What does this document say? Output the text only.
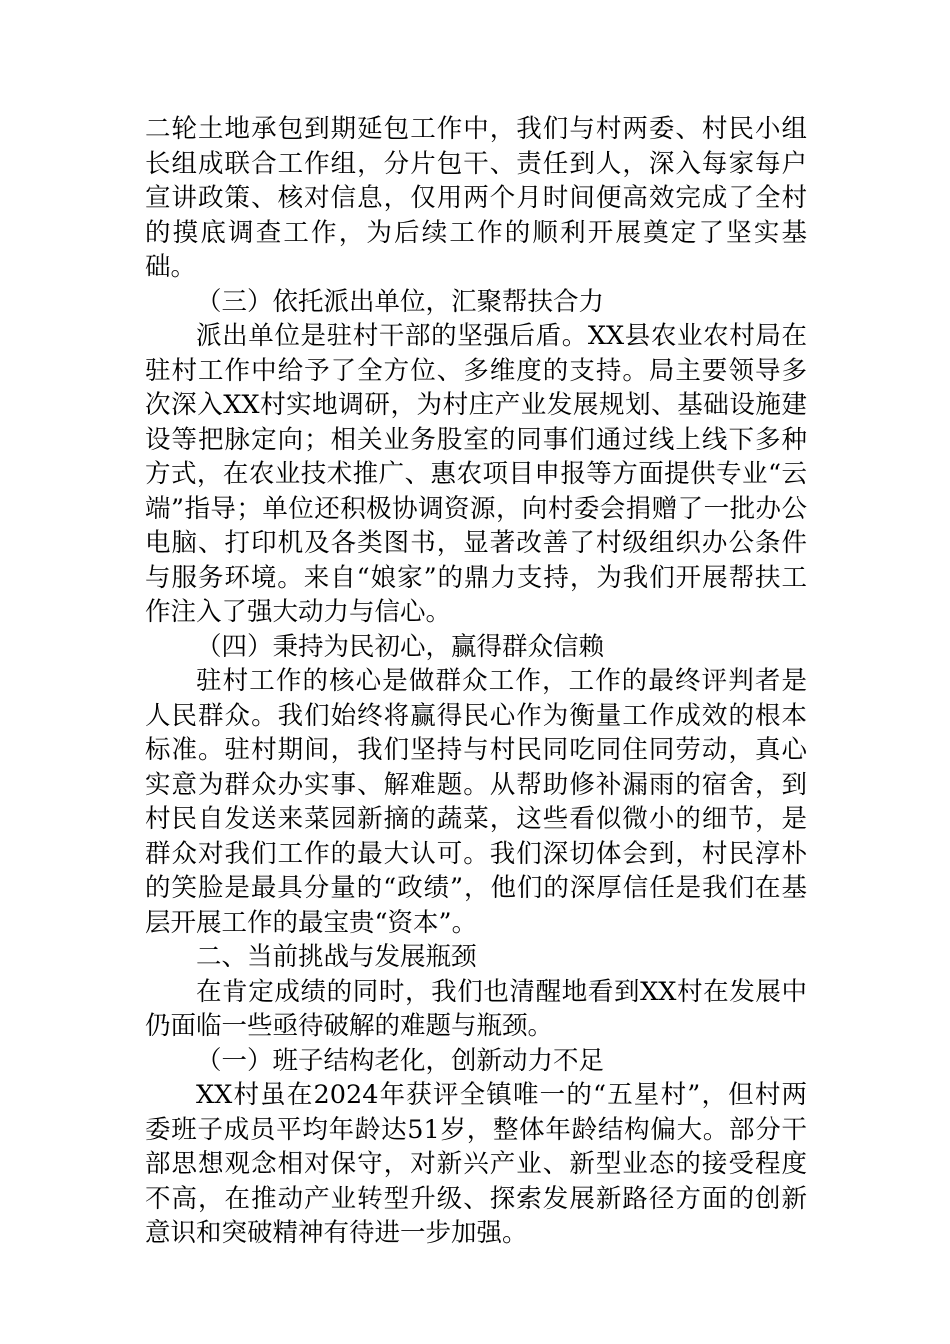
二轮土地承包到期延包工作中，我们与村两委、村民小组长组成联合工作组，分片包干、责任到人，深入每家每户宣讲政策、核对信息，仅用两个月时间便高效完成了全村的摸底调查工作，为后续工作的顺利开展奠定了坚实基础。

（三）依托派出单位，汇聚帮扶合力

派出单位是驻村干部的坚强后盾。XX县农业农村局在驻村工作中给予了全方位、多维度的支持。局主要领导多次深入XX村实地调研，为村庄产业发展规划、基础设施建设等把脉定向；相关业务股室的同事们通过线上线下多种方式，在农业技术推广、惠农项目申报等方面提供专业“云端”指导；单位还积极协调资源，向村委会捐赠了一批办公电脑、打印机及各类图书，显著改善了村级组织办公条件与服务环境。来自“娘家”的鼎力支持，为我们开展帮扶工作注入了强大动力与信心。

（四）秉持为民初心，赢得群众信赖

驻村工作的核心是做群众工作，工作的最终评判者是人民群众。我们始终将赢得民心作为衡量工作成效的根本标准。驻村期间，我们坚持与村民同吃同住同劳动，真心实意为群众办实事、解难题。从帮助修补漏雨的宿舍，到村民自发送来菜园新摘的蔬菜，这些看似微小的细节，是群众对我们工作的最大认可。我们深切体会到，村民淳朴的笑脸是最具分量的“政绩”，他们的深厚信任是我们在基层开展工作的最宝贵“资本”。

二、当前挑战与发展瓶颈

在肯定成绩的同时，我们也清醒地看到XX村在发展中仍面临一些亟待破解的难题与瓶颈。

（一）班子结构老化，创新动力不足

XX村虽在2024年获评全镇唯一的“五星村”，但村两委班子成员平均年龄达51岁，整体年龄结构偏大。部分干部思想观念相对保守，对新兴产业、新型业态的接受程度不高，在推动产业转型升级、探索发展新路径方面的创新意识和突破精神有待进一步加强。
